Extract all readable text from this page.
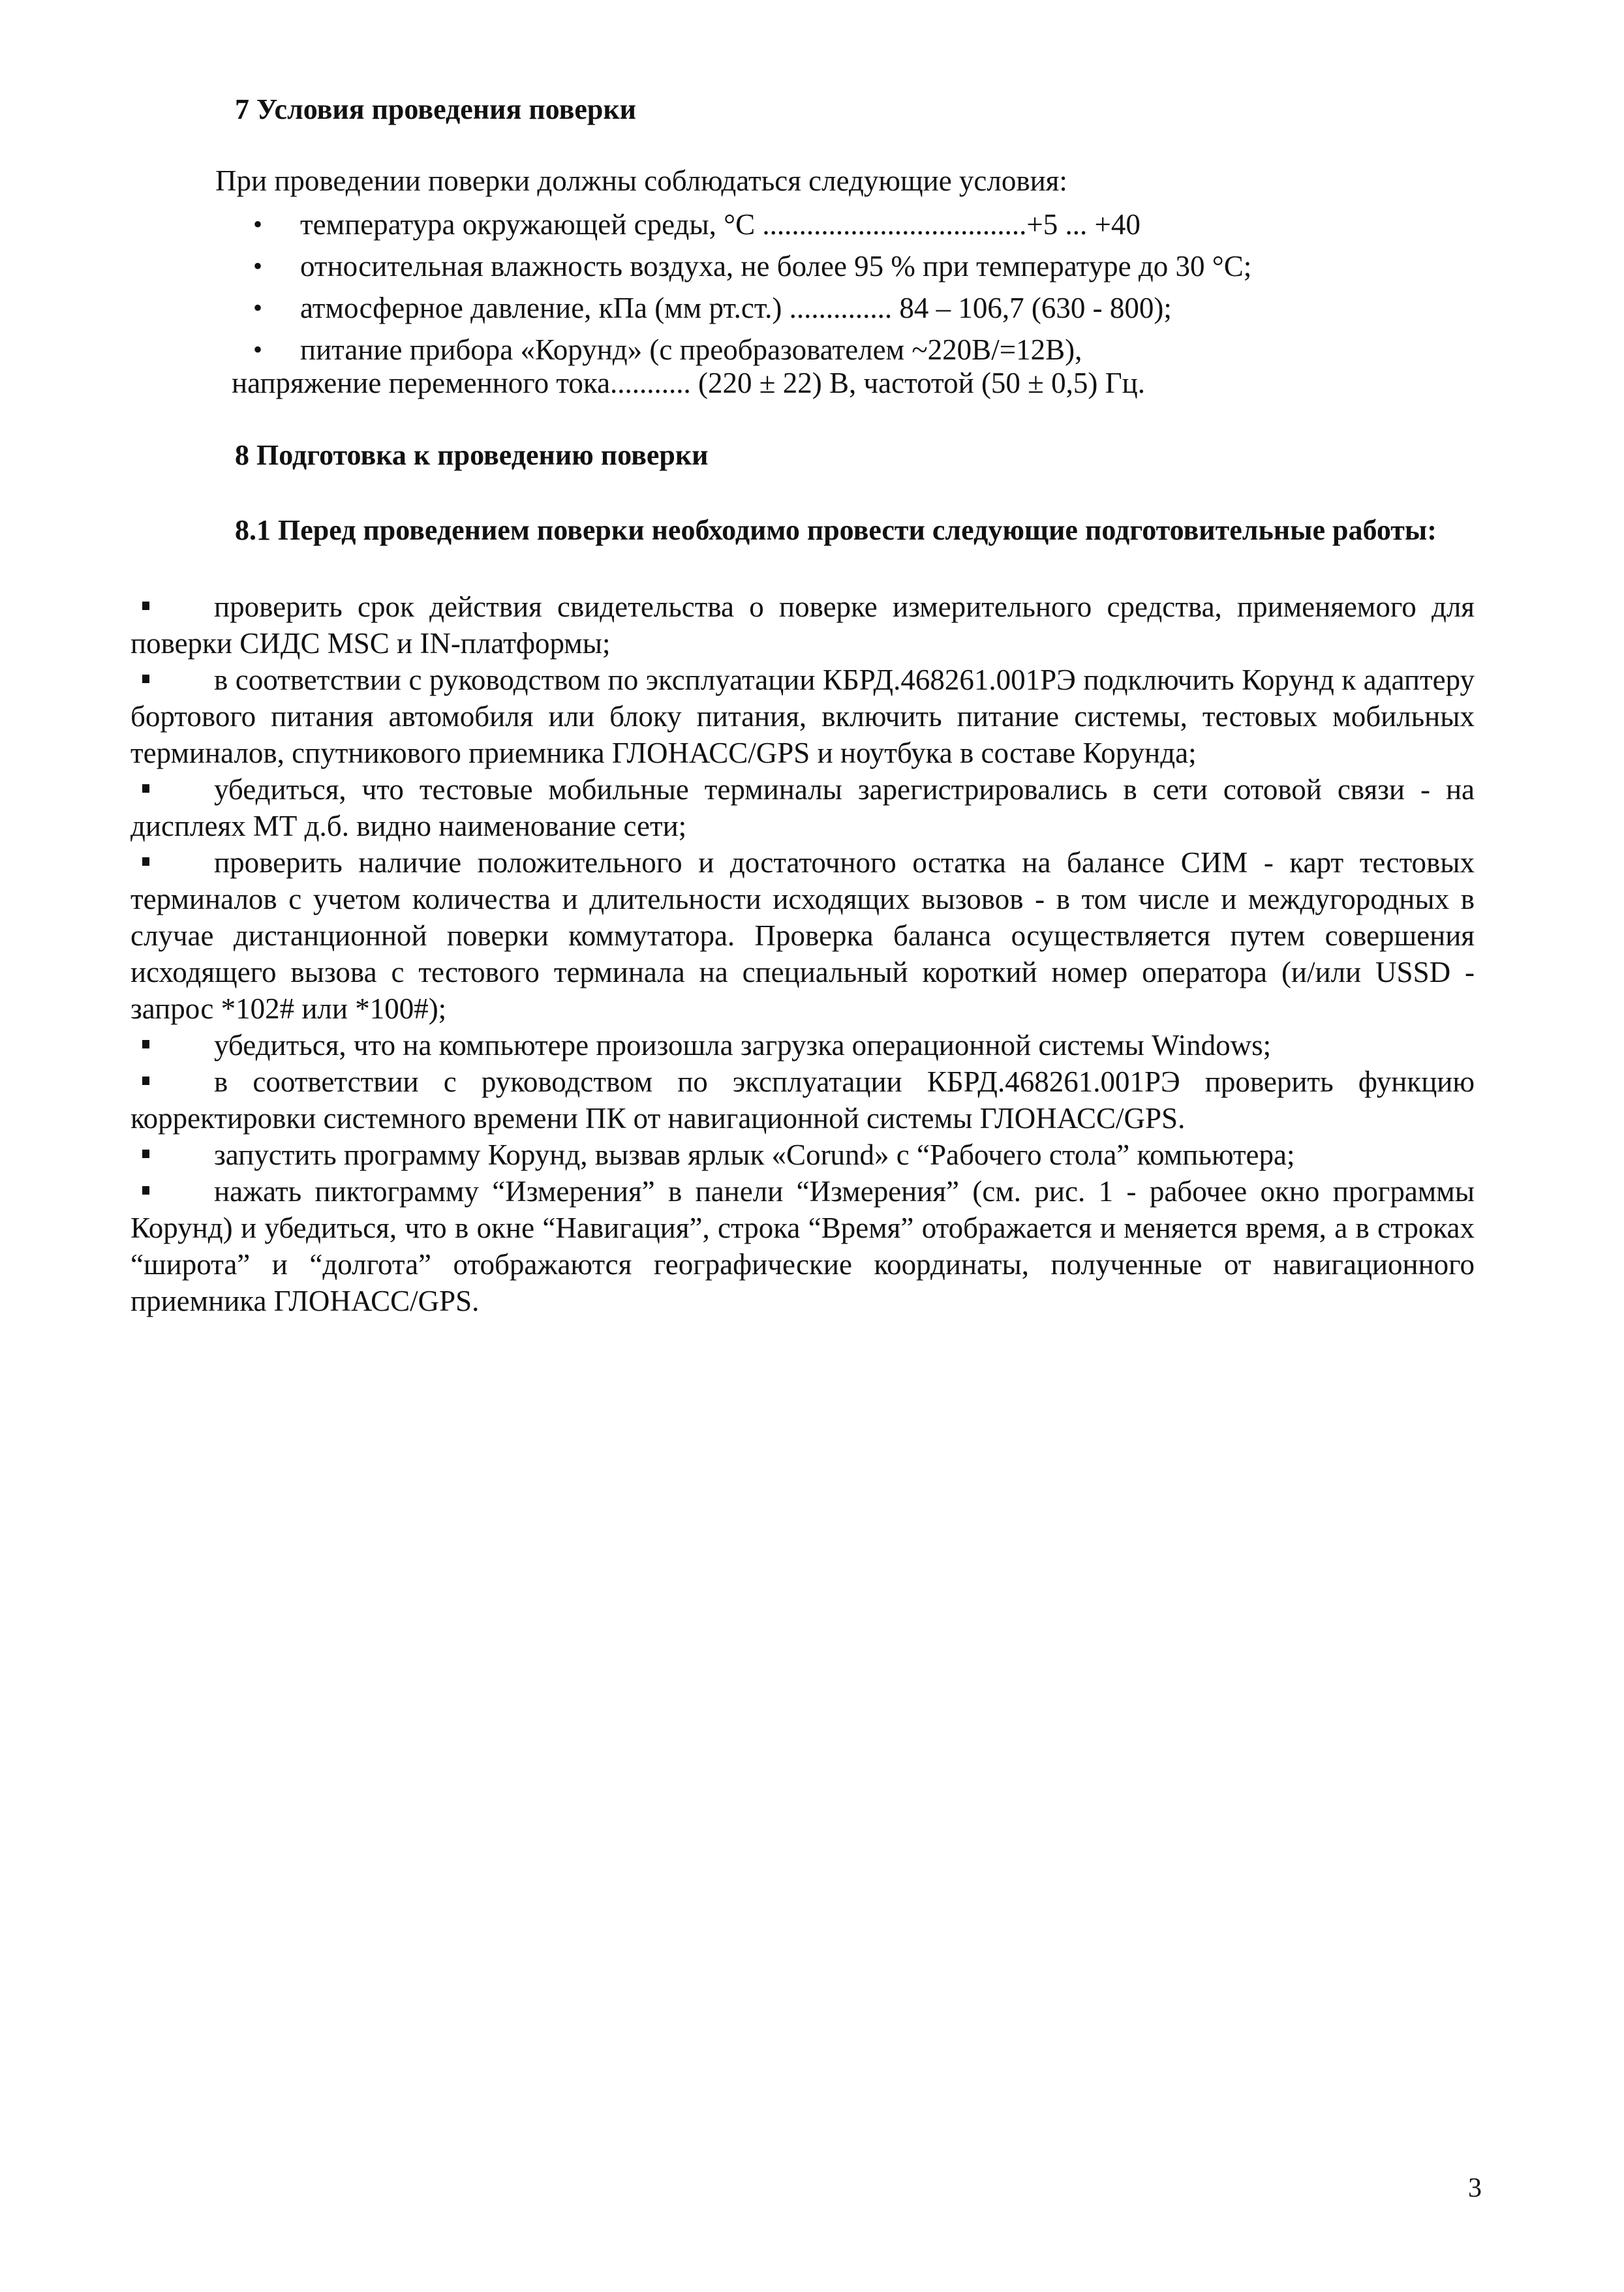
7 Условия проведения поверки

При проведении поверки должны соблюдаться следующие условия:

• температура окружающей среды, °С ....................................+5 ... +40
• относительная влажность воздуха, не более 95 % при температуре до 30 °С;
• атмосферное давление, кПа (мм рт.ст.) .............. 84 – 106,7 (630 - 800);
• питание прибора «Корунд» (с преобразователем ~220В/=12В),

напряжение переменного тока........... (220 ± 22) В, частотой (50 ± 0,5) Гц.

8 Подготовка к проведению поверки
8.1 Перед проведением поверки необходимо провести следующие подготовительные работы:
проверить срок действия свидетельства о поверке измерительного средства, применяемого для поверки СИДС MSC и IN-платформы;
в соответствии с руководством по эксплуатации КБРД.468261.001РЭ подключить Корунд к адаптеру бортового питания автомобиля или блоку питания, включить питание системы, тестовых мобильных терминалов, спутникового приемника ГЛОНАСС/GPS и ноутбука в составе Корунда;
убедиться, что тестовые мобильные терминалы зарегистрировались в сети сотовой связи - на дисплеях МТ д.б. видно наименование сети;
проверить наличие положительного и достаточного остатка на балансе СИМ - карт тестовых терминалов с учетом количества и длительности исходящих вызовов - в том числе и междугородных в случае дистанционной поверки коммутатора. Проверка баланса осуществляется путем совершения исходящего вызова с тестового терминала на специальный короткий номер оператора (и/или USSD - запрос *102# или *100#);
убедиться, что на компьютере произошла загрузка операционной системы Windows;
в соответствии с руководством по эксплуатации КБРД.468261.001РЭ проверить функцию корректировки системного времени ПК от навигационной системы ГЛОНАСС/GPS.
запустить программу Корунд, вызвав ярлык «Corund» с “Рабочего стола” компьютера;
нажать пиктограмму “Измерения” в панели “Измерения” (см. рис. 1 - рабочее окно программы Корунд) и убедиться, что в окне “Навигация”, строка “Время” отображается и меняется время, а в строках “широта” и “долгота” отображаются географические координаты, полученные от навигационного приемника ГЛОНАСС/GPS.
3
